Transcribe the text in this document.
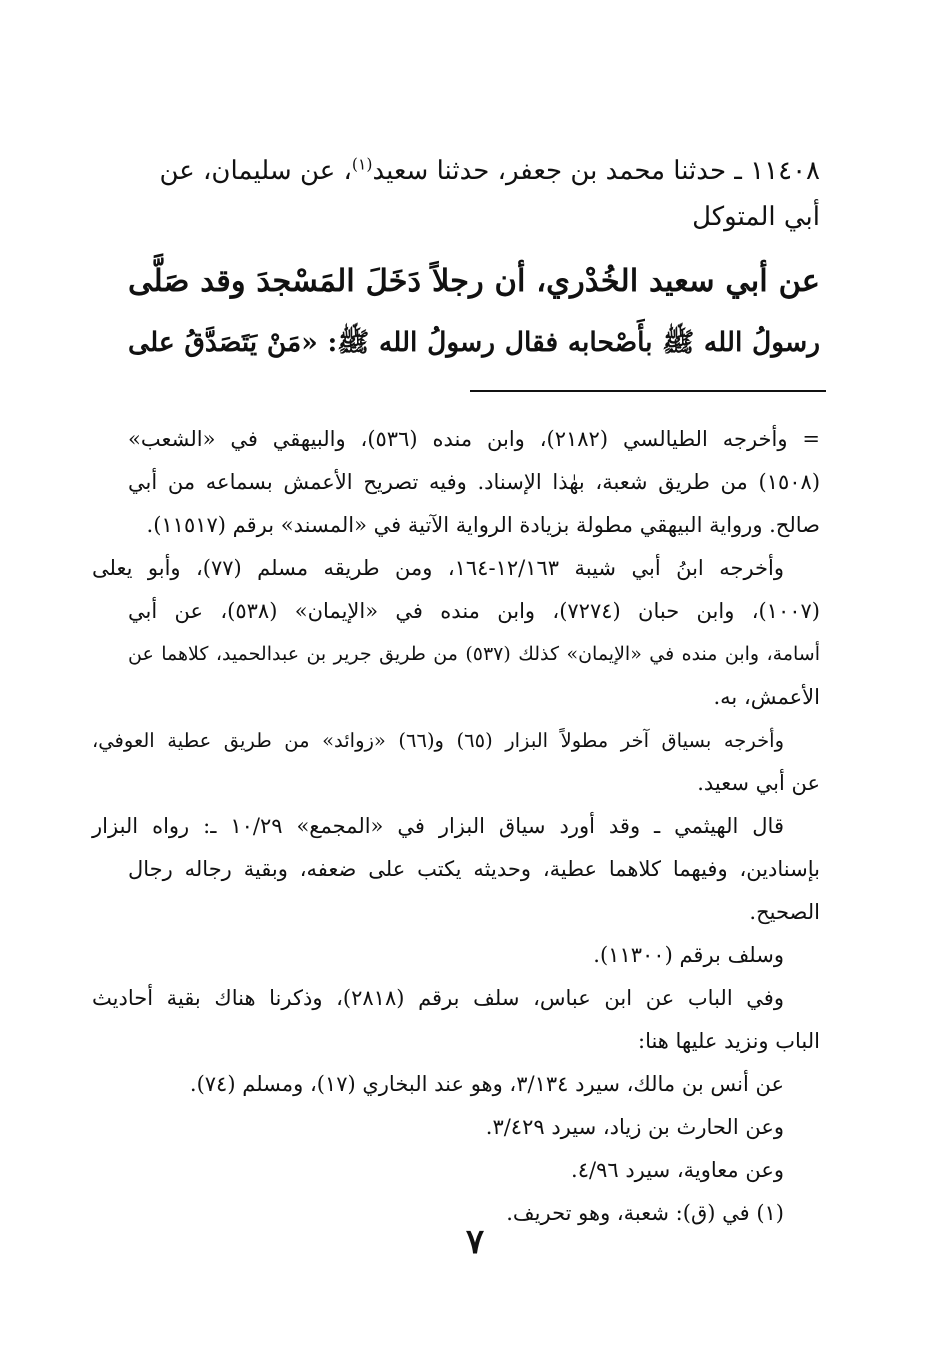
١١٤٠٨ ـ حدثنا محمد بن جعفر، حدثنا سعيد$^{(١)}$، عن سليمان، عن
أبي المتوكل
عن أبي سعيد الخُدْري، أن رجلاً دَخَلَ المَسْجدَ وقد صَلَّى
رسولُ الله ﷺ بأَصْحابه فقال رسولُ الله ﷺ: «مَنْ يَتَصَدَّقُ على
= وأخرجه الطيالسي (٢١٨٢)، وابن منده (٥٣٦)، والبيهقي في «الشعب»
(١٥٠٨) من طريق شعبة، بهٰذا الإسناد. وفيه تصريح الأعمش بسماعه من أبي
صالح. ورواية البيهقي مطولة بزيادة الرواية الآتية في «المسند» برقم (١١٥١٧).
وأخرجه ابنُ أبي شيبة ١٢/١٦٣-١٦٤، ومن طريقه مسلم (٧٧)، وأبو يعلى
(١٠٠٧)، وابن حبان (٧٢٧٤)، وابن منده في «الإيمان» (٥٣٨)، عن أبي
أسامة، وابن منده في «الإيمان» كذلك (٥٣٧) من طريق جرير بن عبدالحميد، كلاهما عن
الأعمش، به.
وأخرجه بسياق آخر مطولاً البزار (٦٥) و(٦٦) «زوائد» من طريق عطية العوفي،
عن أبي سعيد.
قال الهيثمي ـ وقد أورد سياق البزار في «المجمع» ١٠/٢٩ ـ: رواه البزار
بإسنادين، وفيهما كلاهما عطية، وحديثه يكتب على ضعفه، وبقية رجاله رجال
الصحيح.
وسلف برقم (١١٣٠٠).
وفي الباب عن ابن عباس، سلف برقم (٢٨١٨)، وذكرنا هناك بقية أحاديث
الباب ونزيد عليها هنا:
عن أنس بن مالك، سيرد ٣/١٣٤، وهو عند البخاري (١٧)، ومسلم (٧٤).
وعن الحارث بن زياد، سيرد ٣/٤٢٩.
وعن معاوية، سيرد ٤/٩٦.
(١) في (ق): شعبة، وهو تحريف.
٧
